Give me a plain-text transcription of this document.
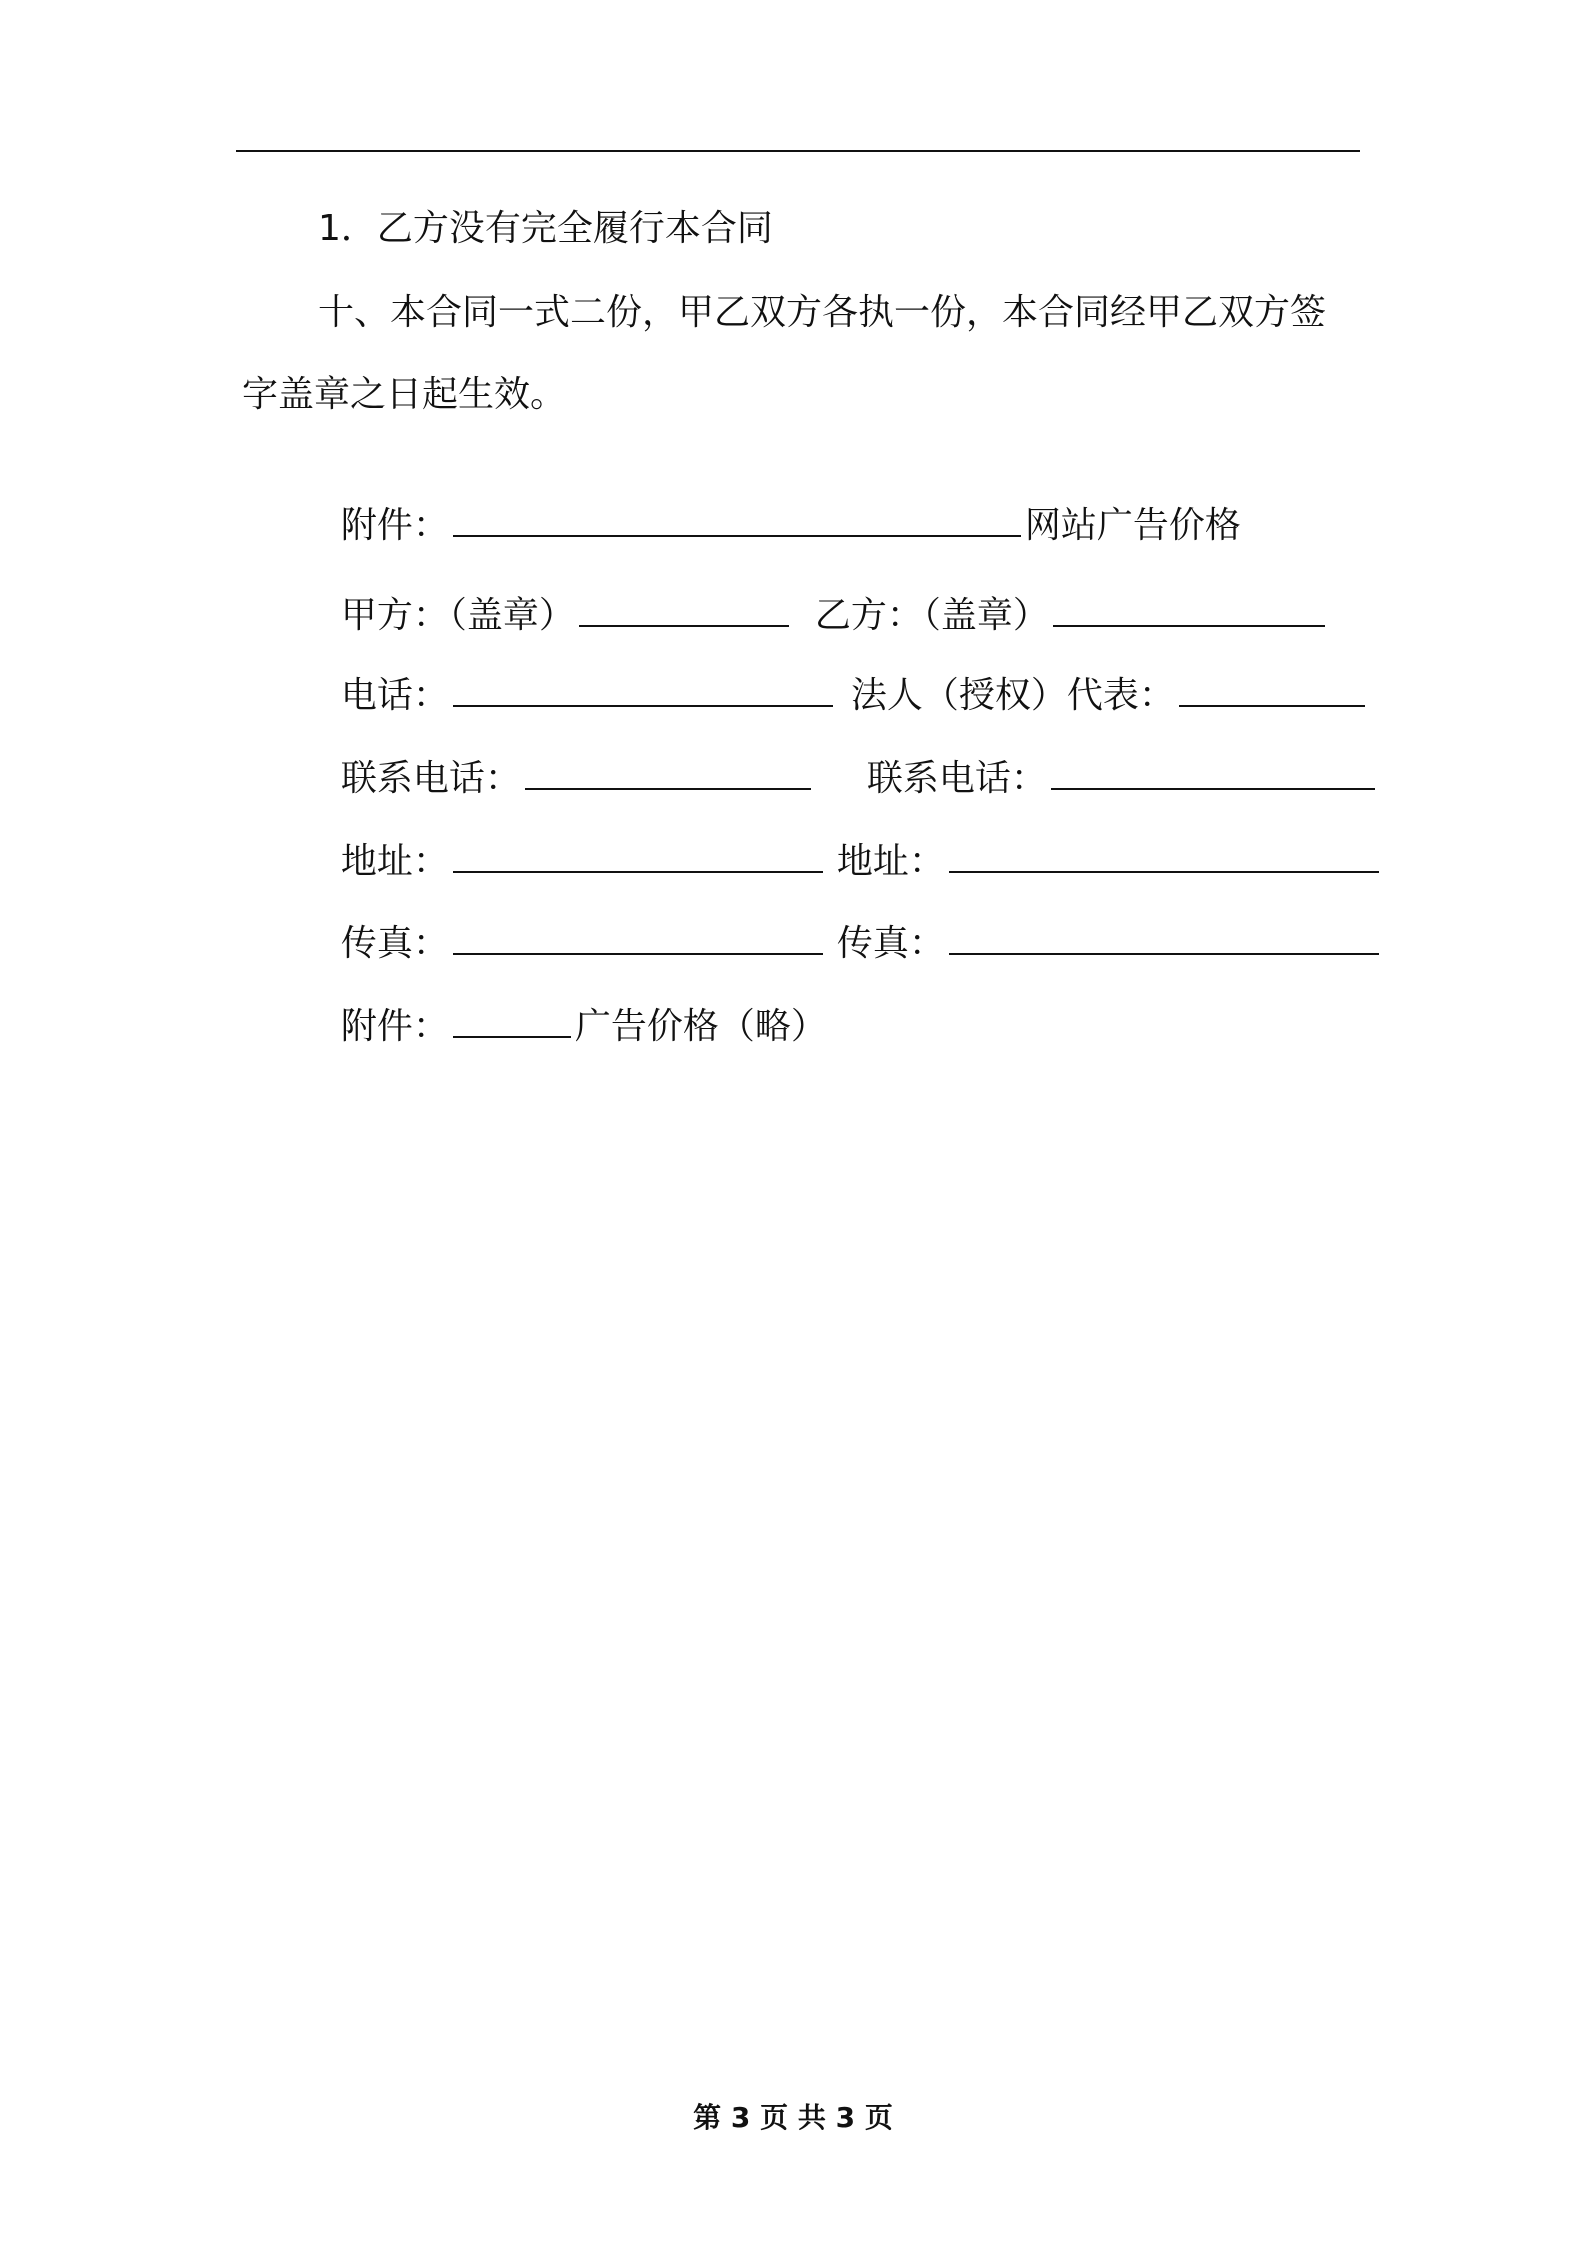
1．乙方没有完全履行本合同
十、本合同一式二份，甲乙双方各执一份，本合同经甲乙双方签
字盖章之日起生效。

附件：	网站广告价格

甲方：（盖章）	乙方：（盖章）

电话：	法人（授权）代表：

联系电话：	联系电话：

地址：	地址：

传真：	传真：

附件：	广告价格（略）

第 3 页 共 3 页
